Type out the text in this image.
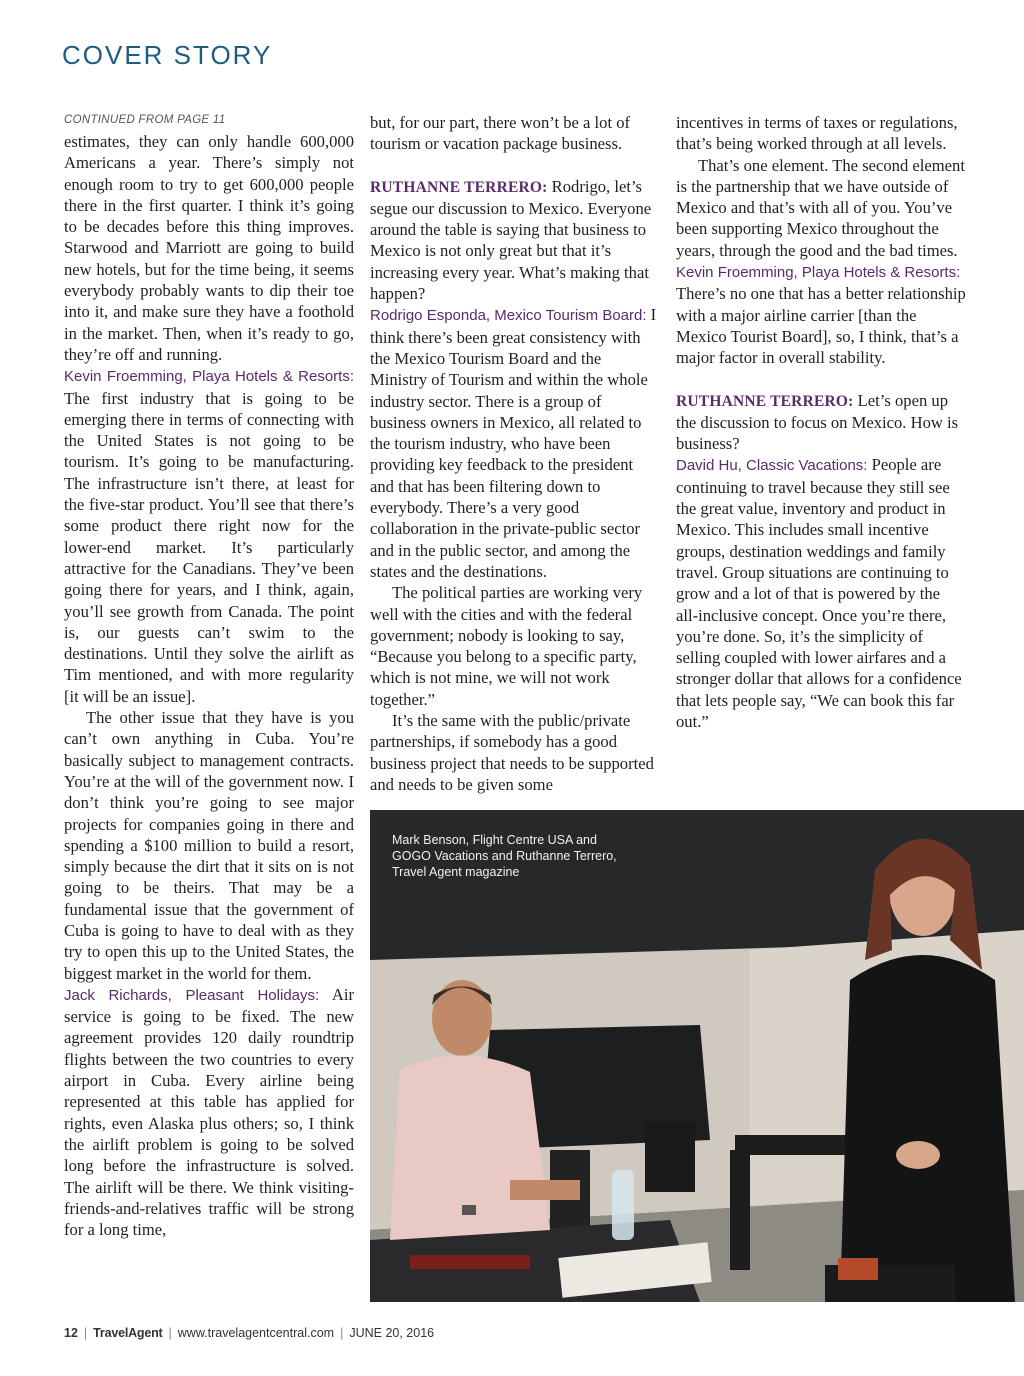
COVER STORY
CONTINUED FROM PAGE 11

estimates, they can only handle 600,000 Americans a year. There’s simply not enough room to try to get 600,000 people there in the first quarter. I think it’s going to be decades before this thing improves. Starwood and Marriott are going to build new hotels, but for the time being, it seems everybody probably wants to dip their toe into it, and make sure they have a foothold in the market. Then, when it’s ready to go, they’re off and running.

Kevin Froemming, Playa Hotels & Resorts: The first industry that is going to be emerging there in terms of connecting with the United States is not going to be tourism. It’s going to be manufacturing. The infrastructure isn’t there, at least for the five-star product. You’ll see that there’s some product there right now for the lower-end market. It’s particularly attractive for the Canadians. They’ve been going there for years, and I think, again, you’ll see growth from Canada. The point is, our guests can’t swim to the destinations. Until they solve the airlift as Tim mentioned, and with more regularity [it will be an issue].

The other issue that they have is you can’t own anything in Cuba. You’re basically subject to management contracts. You’re at the will of the government now. I don’t think you’re going to see major projects for companies going in there and spending a $100 million to build a resort, simply because the dirt that it sits on is not going to be theirs. That may be a fundamental issue that the government of Cuba is going to have to deal with as they try to open this up to the United States, the biggest market in the world for them.

Jack Richards, Pleasant Holidays: Air service is going to be fixed. The new agreement provides 120 daily roundtrip flights between the two countries to every airport in Cuba. Every airline being represented at this table has applied for rights, even Alaska plus others; so, I think the airlift problem is going to be solved long before the infrastructure is solved. The airlift will be there. We think visiting-friends-and-relatives traffic will be strong for a long time,

but, for our part, there won’t be a lot of tourism or vacation package business.

RUTHANNE TERRERO: Rodrigo, let’s segue our discussion to Mexico. Everyone around the table is saying that business to Mexico is not only great but that it’s increasing every year. What’s making that happen?

Rodrigo Esponda, Mexico Tourism Board: I think there’s been great consistency with the Mexico Tourism Board and the Ministry of Tourism and within the whole industry sector. There is a group of business owners in Mexico, all related to the tourism industry, who have been providing key feedback to the president and that has been filtering down to everybody. There’s a very good collaboration in the private-public sector and in the public sector, and among the states and the destinations.

The political parties are working very well with the cities and with the federal government; nobody is looking to say, “Because you belong to a specific party, which is not mine, we will not work together.”

It’s the same with the public/private partnerships, if somebody has a good business project that needs to be supported and needs to be given some

incentives in terms of taxes or regulations, that’s being worked through at all levels.

That’s one element. The second element is the partnership that we have outside of Mexico and that’s with all of you. You’ve been supporting Mexico throughout the years, through the good and the bad times.

Kevin Froemming, Playa Hotels & Resorts: There’s no one that has a better relationship with a major airline carrier [than the Mexico Tourist Board], so, I think, that’s a major factor in overall stability.

RUTHANNE TERRERO: Let’s open up the discussion to focus on Mexico. How is business?

David Hu, Classic Vacations: People are continuing to travel because they still see the great value, inventory and product in Mexico. This includes small incentive groups, destination weddings and family travel. Group situations are continuing to grow and a lot of that is powered by the all-inclusive concept. Once you’re there, you’re done. So, it’s the simplicity of selling coupled with lower airfares and a stronger dollar that allows for a confidence that lets people say, “We can book this far out.”

Mark Benson, Flight Centre USA and GOGO Vacations and Ruthanne Terrero, Travel Agent magazine
12 | TravelAgent | www.travelagentcentral.com | JUNE 20, 2016
